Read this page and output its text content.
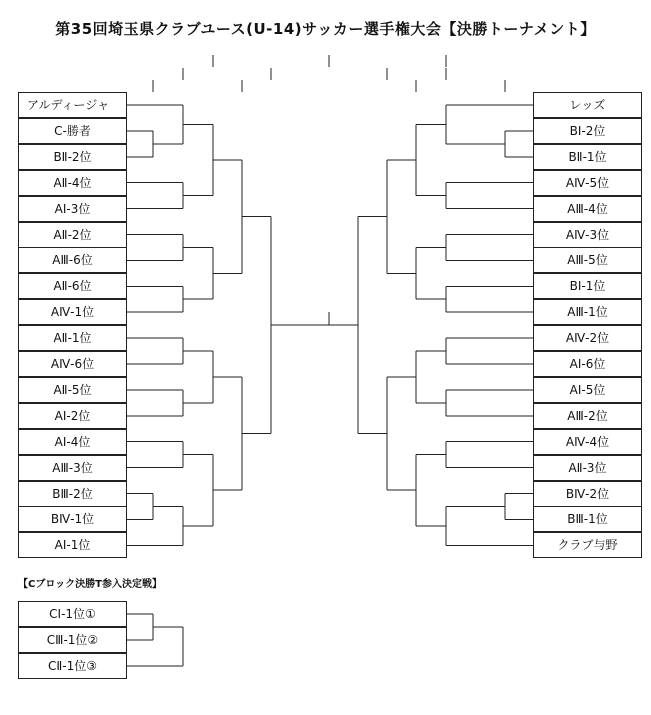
第35回埼玉県クラブユース(U-14)サッカー選手権大会【決勝トーナメント】
アルディージャ
C-勝者
BⅡ-2位
AⅡ-4位
AⅠ-3位
AⅡ-2位
AⅢ-6位
AⅡ-6位
AⅣ-1位
AⅡ-1位
AⅣ-6位
AⅡ-5位
AⅠ-2位
AⅠ-4位
AⅢ-3位
BⅢ-2位
BⅣ-1位
AⅠ-1位
レッズ
BⅠ-2位
BⅡ-1位
AⅣ-5位
AⅢ-4位
AⅣ-3位
AⅢ-5位
BⅠ-1位
AⅢ-1位
AⅣ-2位
AⅠ-6位
AⅠ-5位
AⅢ-2位
AⅣ-4位
AⅡ-3位
BⅣ-2位
BⅢ-1位
クラブ与野
【Cブロック決勝T参入決定戦】
CⅠ-1位①
CⅢ-1位②
CⅡ-1位③
